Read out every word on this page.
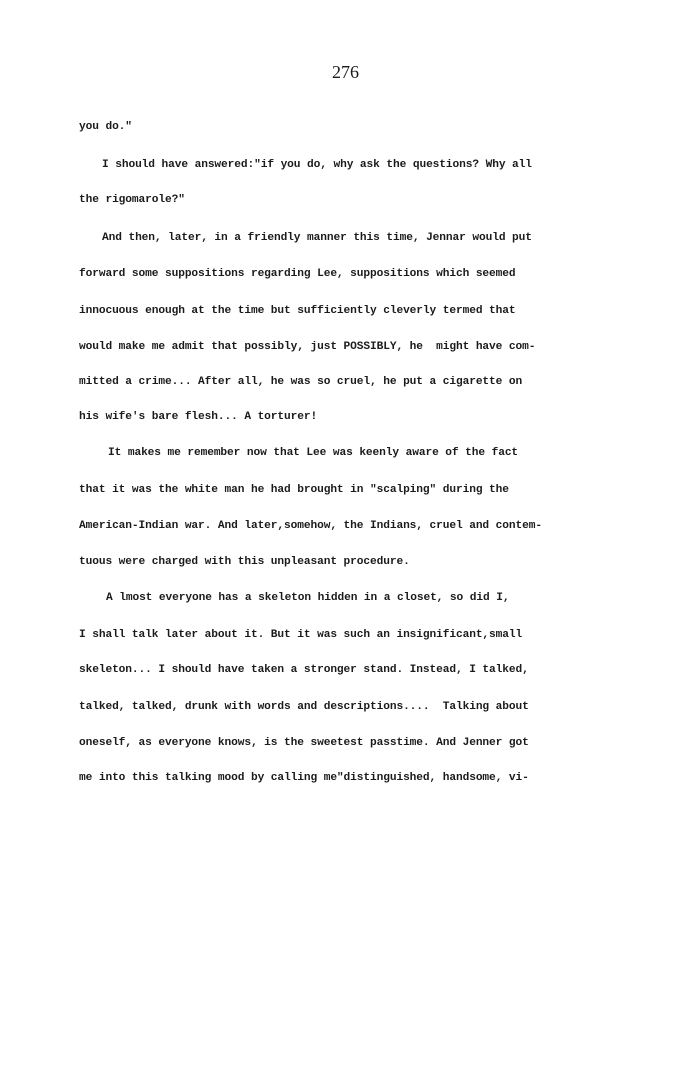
276
you do."
I should have answered:"if you do, why ask the questions? Why all
the rigomarole?"
And then, later, in a friendly manner this time, Jennar would put
forward some suppositions regarding Lee, suppositions which seemed
innocuous enough at the time but sufficiently cleverly termed that
would make me admit that possibly, just POSSIBLY, he  might have com-
mitted a crime... After all, he was so cruel, he put a cigarette on
his wife's bare flesh... A torturer!
It makes me remember now that Lee was keenly aware of the fact
that it was the white man he had brought in "scalping" during the
American-Indian war. And later,somehow, the Indians, cruel and contem-
tuous were charged with this unpleasant procedure.
A lmost everyone has a skeleton hidden in a closet, so did I,
I shall talk later about it. But it was such an insignificant,small
skeleton... I should have taken a stronger stand. Instead, I talked,
talked, talked, drunk with words and descriptions....  Talking about
oneself, as everyone knows, is the sweetest passtime. And Jenner got
me into this talking mood by calling me"distinguished, handsome, vi-
